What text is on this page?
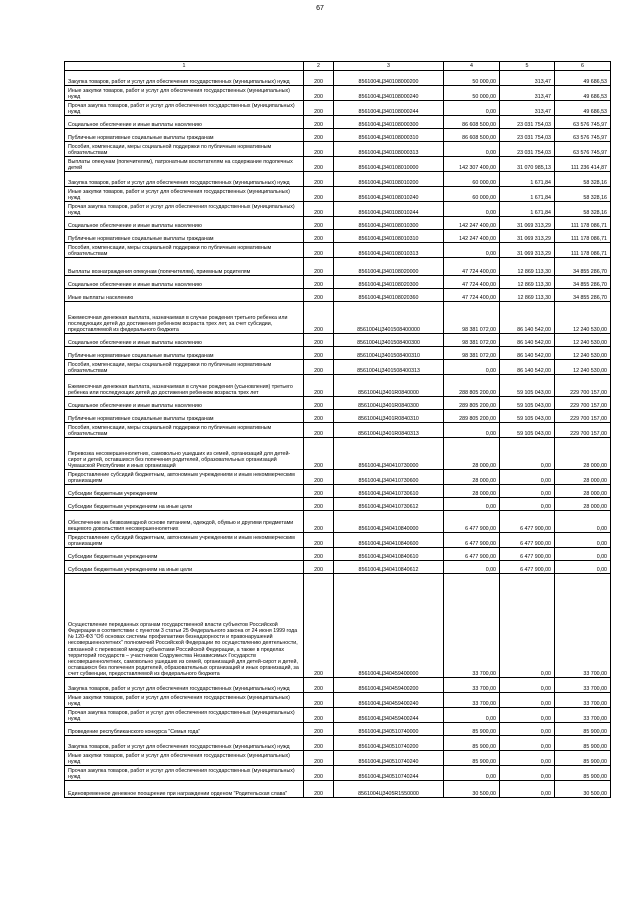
67
1	2	3	4	5	6
Закупка товаров, работ и услуг для обеспечения государственных (муниципальных) нужд	200	8561004Ц340108000200	50 000,00	313,47	49 686,53
Иные закупки товаров, работ и услуг для обеспечения государственных (муниципальных) нужд	200	8561004Ц340108000240	50 000,00	313,47	49 686,53
Прочая закупка товаров, работ и услуг для обеспечения государственных (муниципальных) нужд	200	8561004Ц340108000244	0,00	313,47	49 686,53
Социальное обеспечение и иные выплаты населению	200	8561004Ц340108000300	86 608 500,00	23 031 754,03	63 576 745,97
Публичные нормативные социальные выплаты гражданам	200	8561004Ц340108000310	86 608 500,00	23 031 754,03	63 576 745,97
Пособия, компенсации, меры социальной поддержки по публичным нормативным обязательствам	200	8561004Ц340108000313	0,00	23 031 754,03	63 576 745,97
Выплаты опекунам (попечителям), патронатным воспитателям на содержание подопечных детей	200	8561004Ц340108010000	142 307 400,00	31 070 985,13	111 236 414,87
Закупка товаров, работ и услуг для обеспечения государственных (муниципальных) нужд	200	8561004Ц340108010200	60 000,00	1 671,84	58 328,16
Иные закупки товаров, работ и услуг для обеспечения государственных (муниципальных) нужд	200	8561004Ц340108010240	60 000,00	1 671,84	58 328,16
Прочая закупка товаров, работ и услуг для обеспечения государственных (муниципальных) нужд	200	8561004Ц340108010244	0,00	1 671,84	58 328,16
Социальное обеспечение и иные выплаты населению	200	8561004Ц340108010300	142 247 400,00	31 069 313,29	111 178 086,71
Публичные нормативные социальные выплаты гражданам	200	8561004Ц340108010310	142 247 400,00	31 069 313,29	111 178 086,71
Пособия, компенсации, меры социальной поддержки по публичным нормативным обязательствам	200	8561004Ц340108010313	0,00	31 069 313,29	111 178 086,71
Выплаты вознаграждения опекунам (попечителям), приемным родителям	200	8561004Ц340108020000	47 724 400,00	12 869 113,30	34 855 286,70
Социальное обеспечение и иные выплаты населению	200	8561004Ц340108020300	47 724 400,00	12 869 113,30	34 855 286,70
Иные выплаты населению	200	8561004Ц340108020360	47 724 400,00	12 869 113,30	34 855 286,70
Ежемесячная денежная выплата, назначаемая в случае рождения третьего ребенка или последующих детей до достижения ребенком возраста трех лет, за счет субсидии, предоставляемой из федерального бюджета	200	8561004Ц3401508400000	98 381 072,00	86 140 542,00	12 240 530,00
Социальное обеспечение и иные выплаты населению	200	8561004Ц3401508400300	98 381 072,00	86 140 542,00	12 240 530,00
Публичные нормативные социальные выплаты гражданам	200	8561004Ц3401508400310	98 381 072,00	86 140 542,00	12 240 530,00
Пособия, компенсации, меры социальной поддержки по публичным нормативным обязательствам	200	8561004Ц3401508400313	0,00	86 140 542,00	12 240 530,00
Ежемесячная денежная выплата, назначаемая в случае рождения (усыновления) третьего ребенка или последующих детей до достижения ребенком возраста трех лет	200	8561004Ц3401R0840000	288 805 200,00	59 105 043,00	229 700 157,00
Социальное обеспечение и иные выплаты населению	200	8561004Ц3401R0840300	289 805 200,00	59 105 043,00	229 700 157,00
Публичные нормативные социальные выплаты гражданам	200	8561004Ц3401R0840310	289 805 200,00	59 105 043,00	229 700 157,00
Пособия, компенсации, меры социальной поддержки по публичным нормативным обязательствам	200	8561004Ц3401R0840313	0,00	59 105 043,00	229 700 157,00
Перевозка несовершеннолетних, самовольно ушедших из семей, организаций для детей-сирот и детей, оставшихся без попечения родителей, образовательных организаций Чувашской Республики и иных организаций	200	8561004Ц340410730000	28 000,00	0,00	28 000,00
Предоставление субсидий бюджетным, автономным учреждениям и иным некоммерческим организациям	200	8561004Ц340410730600	28 000,00	0,00	28 000,00
Субсидии бюджетным учреждениям	200	8561004Ц340410730610	28 000,00	0,00	28 000,00
Субсидии бюджетным учреждениям на иные цели	200	8561004Ц340410730612	0,00	0,00	28 000,00
Обеспечение на безвозмездной основе питанием, одеждой, обувью и другими предметами вещевого довольствия несовершеннолетних	200	8561004Ц340410840000	6 477 900,00	6 477 900,00	0,00
Предоставление субсидий бюджетным, автономным учреждениям и иным некоммерческим организациям	200	8561004Ц340410840600	6 477 900,00	6 477 900,00	0,00
Субсидии бюджетным учреждениям	200	8561004Ц340410840610	6 477 900,00	6 477 900,00	0,00
Субсидии бюджетным учреждениям на иные цели	200	8561004Ц340410840612	0,00	6 477 900,00	0,00
Осуществление переданных органам государственной власти субъектов Российской Федерации в соответствии с пунктом 3 статьи 25 Федерального закона от 24 июня 1999 года № 120-ФЗ "Об основах системы профилактики безнадзорности и правонарушений несовершеннолетних" полномочий Российской Федерации по осуществлению деятельности, связанной с перевозкой между субъектами Российской Федерации, а также в пределах территорий государств – участников Содружества Независимых Государств несовершеннолетних, самовольно ушедших из семей, организаций для детей-сирот и детей, оставшихся без попечения родителей, образовательных организаций и иных организаций, за счет субвенции, предоставляемой из федерального бюджета	200	8561004Ц340459400000	33 700,00	0,00	33 700,00
Закупка товаров, работ и услуг для обеспечения государственных (муниципальных) нужд	200	8561004Ц340459400200	33 700,00	0,00	33 700,00
Иные закупки товаров, работ и услуг для обеспечения государственных (муниципальных) нужд	200	8561004Ц340459400240	33 700,00	0,00	33 700,00
Прочая закупка товаров, работ и услуг для обеспечения государственных (муниципальных) нужд	200	8561004Ц340459400244	0,00	0,00	33 700,00
Проведение республиканского конкурса "Семья года"	200	8561004Ц340510740000	85 900,00	0,00	85 900,00
Закупка товаров, работ и услуг для обеспечения государственных (муниципальных) нужд	200	8561004Ц340510740200	85 900,00	0,00	85 900,00
Иные закупки товаров, работ и услуг для обеспечения государственных (муниципальных) нужд	200	8561004Ц340510740240	85 900,00	0,00	85 900,00
Прочая закупка товаров, работ и услуг для обеспечения государственных (муниципальных) нужд	200	8561004Ц340510740244	0,00	0,00	85 900,00
Единовременное денежное поощрение при награждении орденом "Родительская слава"	200	8561004Ц3405R1550000	30 500,00	0,00	30 500,00
